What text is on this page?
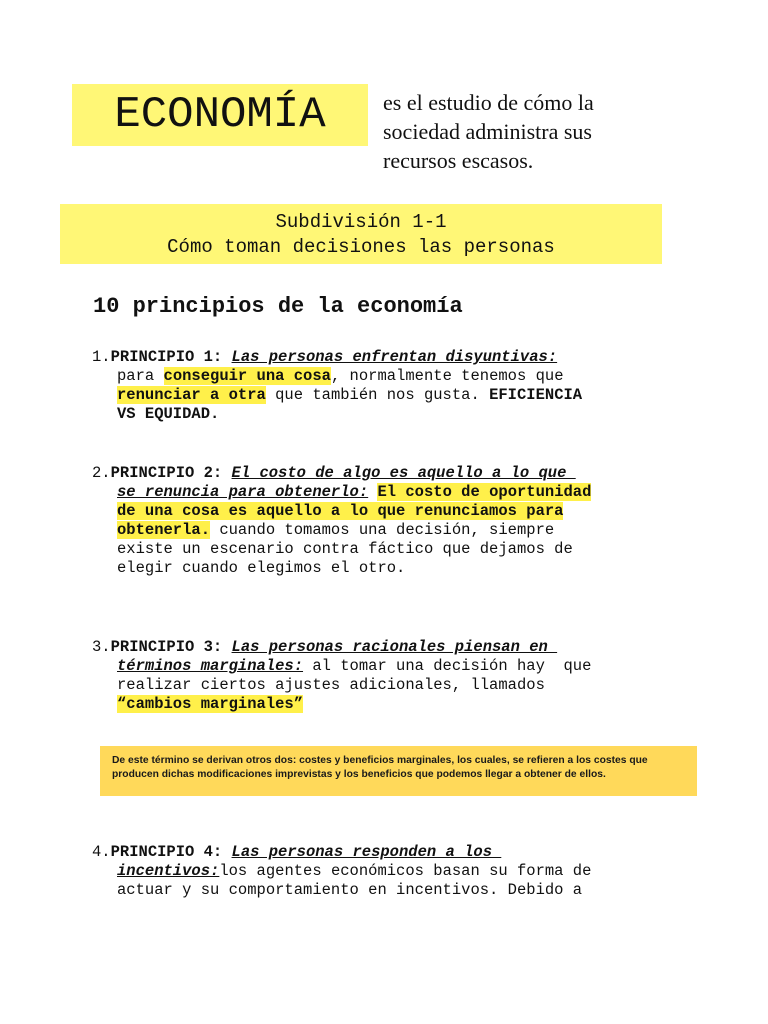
ECONOMÍA	es el estudio de cómo la
sociedad administra sus
recursos escasos.
Subdivisión 1-1
Cómo toman decisiones las personas
10 principios de la economía
1.PRINCIPIO 1: Las personas enfrentan disyuntivas:
para conseguir una cosa, normalmente tenemos que
renunciar a otra que también nos gusta. EFICIENCIA
VS EQUIDAD.
2.PRINCIPIO 2: El costo de algo es aquello a lo que
se renuncia para obtenerlo: El costo de oportunidad
de una cosa es aquello a lo que renunciamos para
obtenerla. cuando tomamos una decisión, siempre
existe un escenario contra fáctico que dejamos de
elegir cuando elegimos el otro.
3.PRINCIPIO 3: Las personas racionales piensan en
términos marginales: al tomar una decisión hay  que
realizar ciertos ajustes adicionales, llamados
“cambios marginales”
De este término se derivan otros dos: costes y beneficios marginales, los cuales, se refieren a los costes que
producen dichas modificaciones imprevistas y los beneficios que podemos llegar a obtener de ellos.
4.PRINCIPIO 4: Las personas responden a los
incentivos:los agentes económicos basan su forma de
actuar y su comportamiento en incentivos. Debido a
